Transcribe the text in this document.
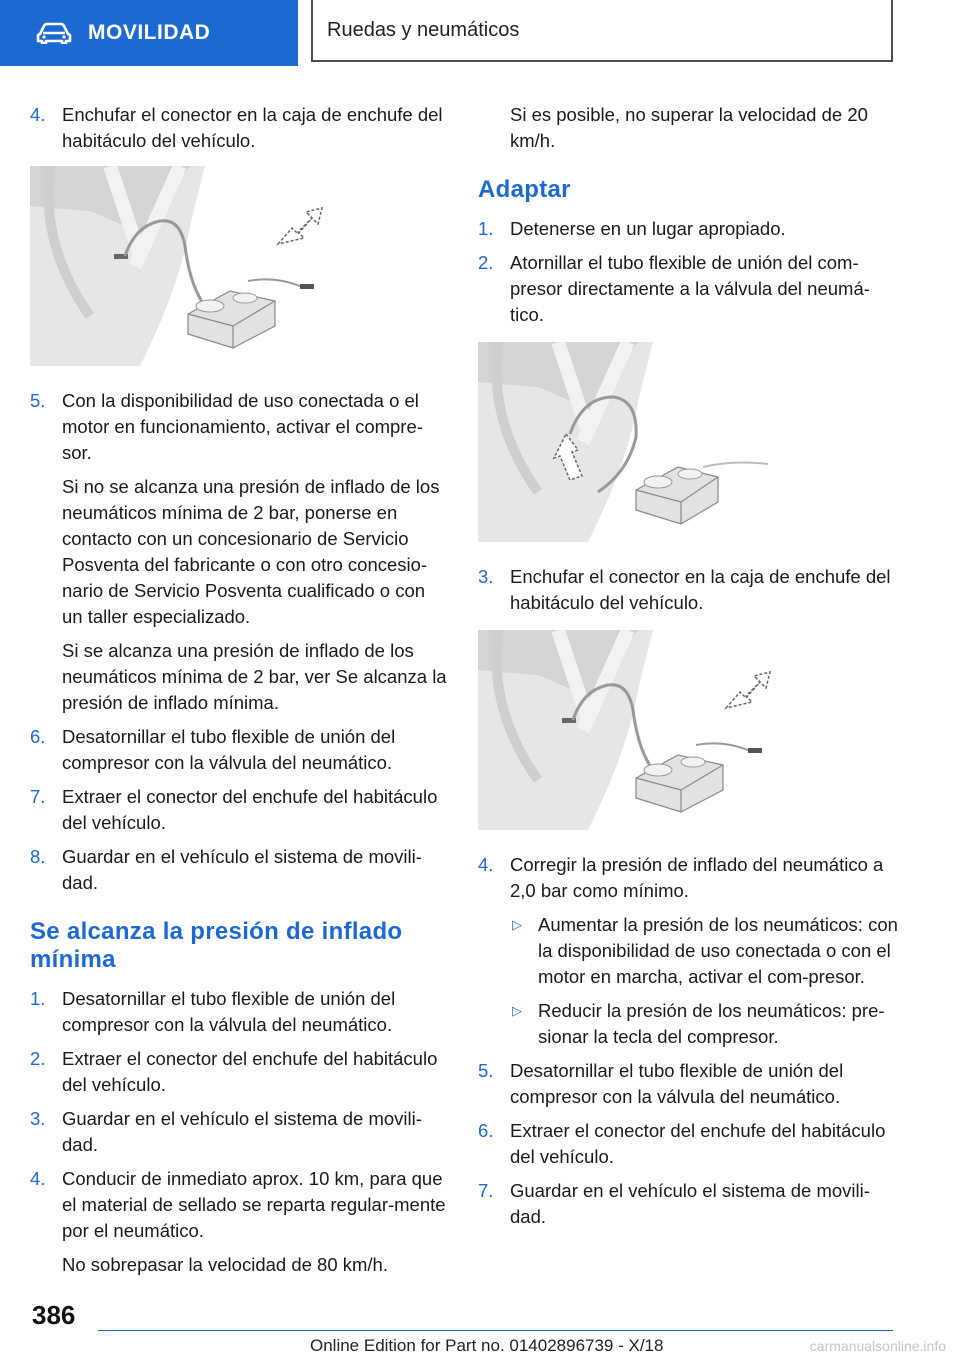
MOVILIDAD	Ruedas y neumáticos
4. Enchufar el conector en la caja de enchufe del habitáculo del vehículo.

5. Con la disponibilidad de uso conectada o el motor en funcionamiento, activar el compre‐sor.

Si no se alcanza una presión de inflado de los neumáticos mínima de 2 bar, ponerse en contacto con un concesionario de Servicio Posventa del fabricante o con otro concesio‐nario de Servicio Posventa cualificado o con un taller especializado.

Si se alcanza una presión de inflado de los neumáticos mínima de 2 bar, ver Se alcanza la presión de inflado mínima.

6. Desatornillar el tubo flexible de unión del compresor con la válvula del neumático.

7. Extraer el conector del enchufe del habitáculo del vehículo.

8. Guardar en el vehículo el sistema de movili‐dad.

Se alcanza la presión de inflado mínima
1. Desatornillar el tubo flexible de unión del compresor con la válvula del neumático.

2. Extraer el conector del enchufe del habitáculo del vehículo.

3. Guardar en el vehículo el sistema de movili‐dad.

4. Conducir de inmediato aprox. 10 km, para que el material de sellado se reparta regular‐mente por el neumático.

No sobrepasar la velocidad de 80 km/h.

Si es posible, no superar la velocidad de 20 km/h.

Adaptar
1. Detenerse en un lugar apropiado.

2. Atornillar el tubo flexible de unión del com‐presor directamente a la válvula del neumá‐tico.

3. Enchufar el conector en la caja de enchufe del habitáculo del vehículo.

4. Corregir la presión de inflado del neumático a 2,0 bar como mínimo.

▷ Aumentar la presión de los neumáticos: con la disponibilidad de uso conectada o con el motor en marcha, activar el com‐presor.
▷ Reducir la presión de los neumáticos: pre‐sionar la tecla del compresor.
5. Desatornillar el tubo flexible de unión del compresor con la válvula del neumático.

6. Extraer el conector del enchufe del habitáculo del vehículo.

7. Guardar en el vehículo el sistema de movili‐dad.

386
Online Edition for Part no. 01402896739 - X/18	carmanualsonline.info
